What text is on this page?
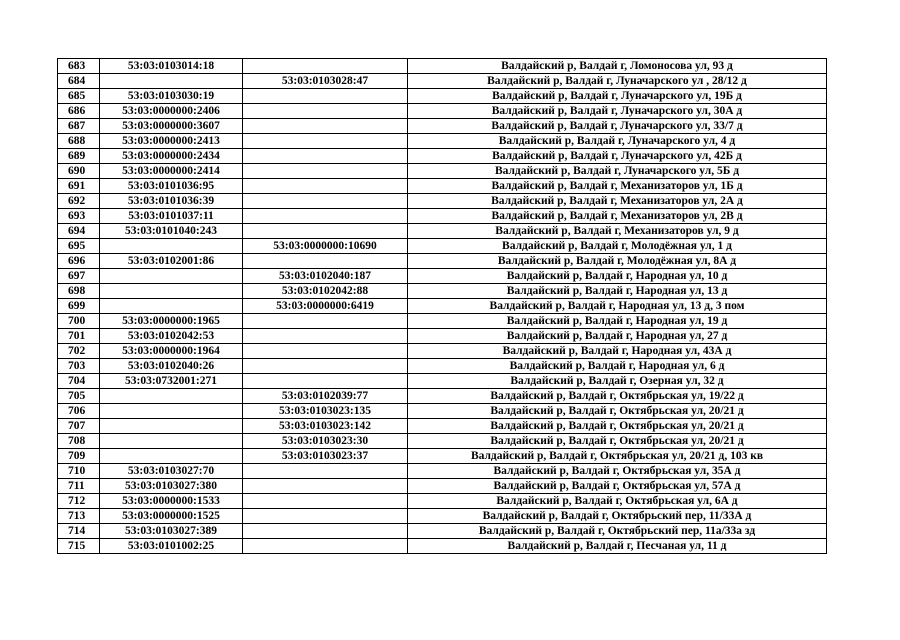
683	53:03:0103014:18		Валдайский р, Валдай г, Ломоносова ул, 93 д
684		53:03:0103028:47	Валдайский р, Валдай г, Луначарского ул , 28/12 д
685	53:03:0103030:19		Валдайский р, Валдай г, Луначарского ул, 19Б д
686	53:03:0000000:2406		Валдайский р, Валдай г, Луначарского ул, 30А д
687	53:03:0000000:3607		Валдайский р, Валдай г, Луначарского ул, 33/7 д
688	53:03:0000000:2413		Валдайский р, Валдай г, Луначарского ул, 4 д
689	53:03:0000000:2434		Валдайский р, Валдай г, Луначарского ул, 42Б д
690	53:03:0000000:2414		Валдайский р, Валдай г, Луначарского ул, 5Б д
691	53:03:0101036:95		Валдайский р, Валдай г, Механизаторов ул, 1Б д
692	53:03:0101036:39		Валдайский р, Валдай г, Механизаторов ул, 2А д
693	53:03:0101037:11		Валдайский р, Валдай г, Механизаторов ул, 2В д
694	53:03:0101040:243		Валдайский р, Валдай г, Механизаторов ул, 9 д
695		53:03:0000000:10690	Валдайский р, Валдай г, Молодёжная ул, 1 д
696	53:03:0102001:86		Валдайский р, Валдай г, Молодёжная ул, 8А д
697		53:03:0102040:187	Валдайский р, Валдай г, Народная ул, 10 д
698		53:03:0102042:88	Валдайский р, Валдай г, Народная ул, 13 д
699		53:03:0000000:6419	Валдайский р, Валдай г, Народная ул, 13 д, 3 пом
700	53:03:0000000:1965		Валдайский р, Валдай г, Народная ул, 19 д
701	53:03:0102042:53		Валдайский р, Валдай г, Народная ул, 27 д
702	53:03:0000000:1964		Валдайский р, Валдай г, Народная ул, 43А д
703	53:03:0102040:26		Валдайский р, Валдай г, Народная ул, 6 д
704	53:03:0732001:271		Валдайский р, Валдай г, Озерная ул, 32 д
705		53:03:0102039:77	Валдайский р, Валдай г, Октябрьская ул, 19/22 д
706		53:03:0103023:135	Валдайский р, Валдай г, Октябрьская ул, 20/21 д
707		53:03:0103023:142	Валдайский р, Валдай г, Октябрьская ул, 20/21 д
708		53:03:0103023:30	Валдайский р, Валдай г, Октябрьская ул, 20/21 д
709		53:03:0103023:37	Валдайский р, Валдай г, Октябрьская ул, 20/21 д, 103 кв
710	53:03:0103027:70		Валдайский р, Валдай г, Октябрьская ул, 35А д
711	53:03:0103027:380		Валдайский р, Валдай г, Октябрьская ул, 57А д
712	53:03:0000000:1533		Валдайский р, Валдай г, Октябрьская ул, 6А д
713	53:03:0000000:1525		Валдайский р, Валдай г, Октябрьский пер, 11/33А д
714	53:03:0103027:389		Валдайский р, Валдай г, Октябрьский пер, 11а/33а зд
715	53:03:0101002:25		Валдайский р, Валдай г, Песчаная ул, 11 д
